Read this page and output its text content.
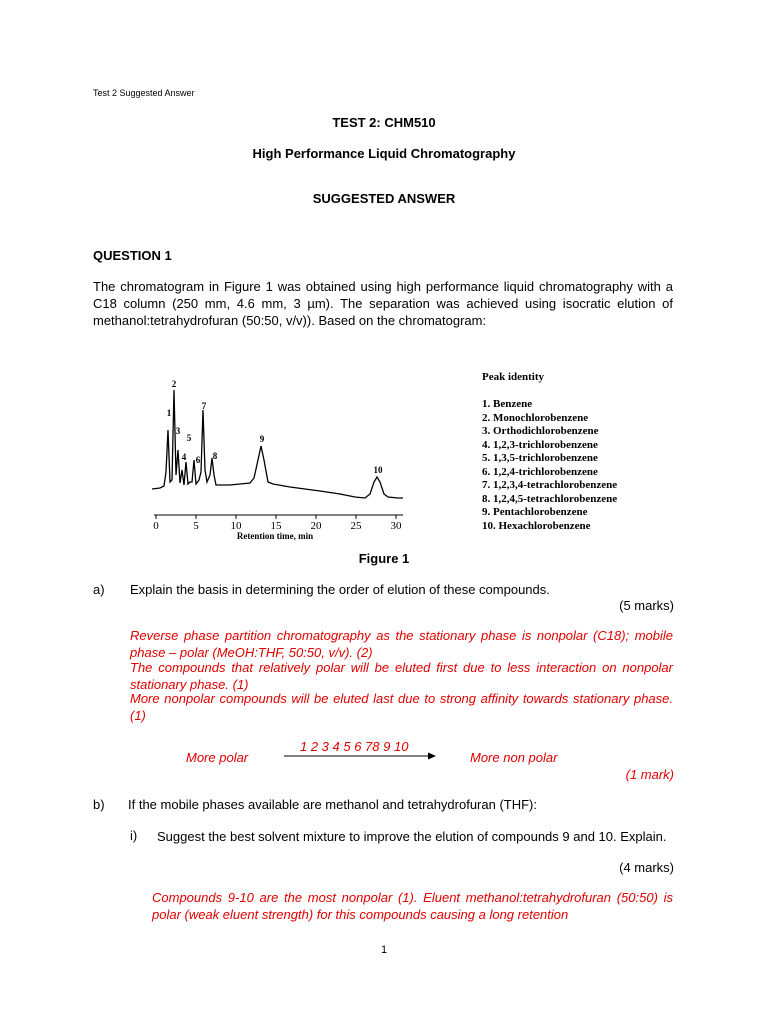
Test 2 Suggested Answer
TEST 2: CHM510
High Performance Liquid Chromatography
SUGGESTED ANSWER
QUESTION 1
The chromatogram in Figure 1 was obtained using high performance liquid chromatography with a C18 column (250 mm, 4.6 mm, 3 µm). The separation was achieved using isocratic elution of methanol:tetrahydrofuran (50:50, v/v)). Based on the chromatogram:
0	5	10	15	20	25	30
Retention time, min
1
2
3
4
5
6
7
8
9
10
Peak identity
1. Benzene
2. Monochlorobenzene
3. Orthodichlorobenzene
4. 1,2,3-trichlorobenzene
5. 1,3,5-trichlorobenzene
6. 1,2,4-trichlorobenzene
7. 1,2,3,4-tetrachlorobenzene
8. 1,2,4,5-tetrachlorobenzene
9. Pentachlorobenzene
10. Hexachlorobenzene
Figure 1
a) Explain the basis in determining the order of elution of these compounds.
(5 marks)
Reverse phase partition chromatography as the stationary phase is nonpolar (C18); mobile phase – polar (MeOH:THF, 50:50, v/v). (2)
The compounds that relatively polar will be eluted first due to less interaction on nonpolar stationary phase. (1)
More nonpolar compounds will be eluted last due to strong affinity towards stationary phase. (1)
1 2 3 4 5 6 78 9 10
More polar	More non polar
(1 mark)
b) If the mobile phases available are methanol and tetrahydrofuran (THF):
i) Suggest the best solvent mixture to improve the elution of compounds 9 and 10. Explain.
(4 marks)
Compounds 9-10 are the most nonpolar (1). Eluent methanol:tetrahydrofuran (50:50) is polar (weak eluent strength) for this compounds causing a long retention
1
